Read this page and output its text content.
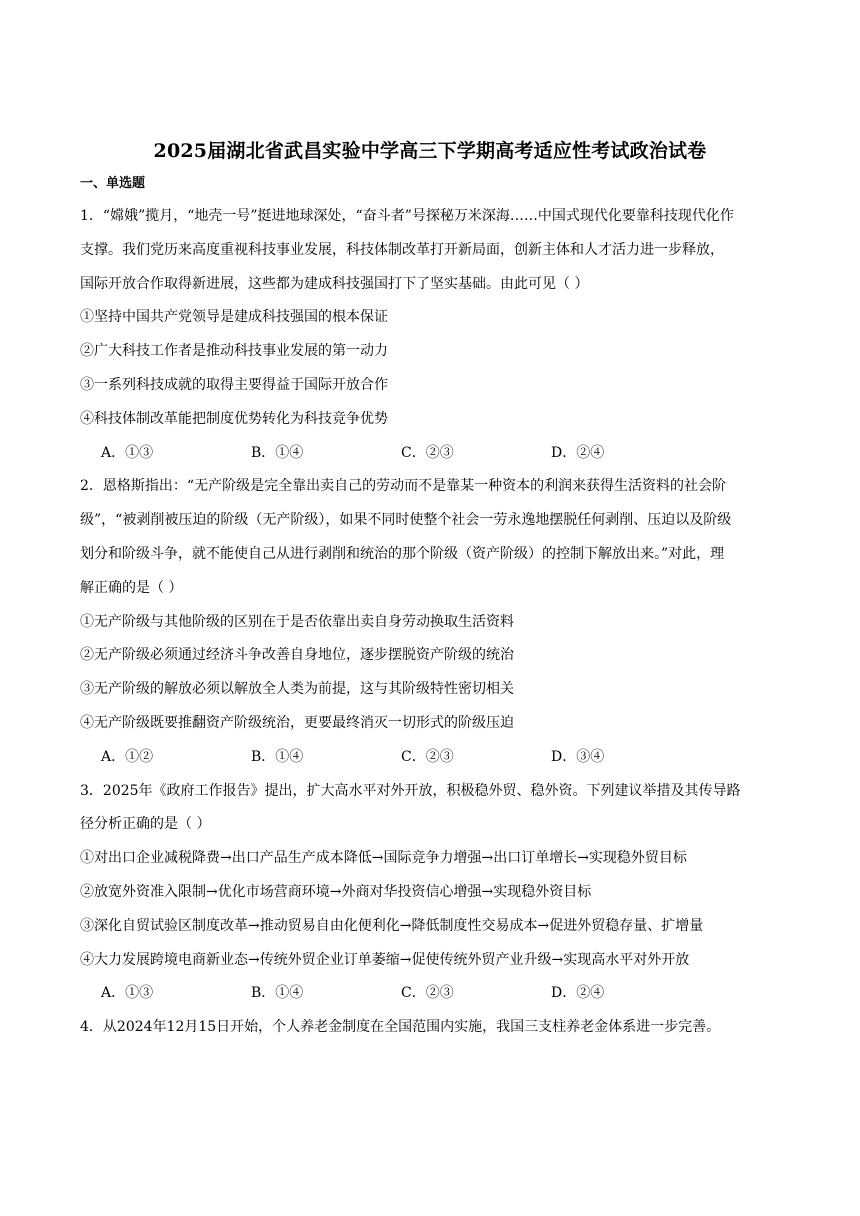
2025届湖北省武昌实验中学高三下学期高考适应性考试政治试卷
一、单选题
1．“嫦娥”揽月，“地壳一号”挺进地球深处，“奋斗者”号探秘万米深海……中国式现代化要靠科技现代化作
支撑。我们党历来高度重视科技事业发展，科技体制改革打开新局面，创新主体和人才活力进一步释放，
国际开放合作取得新进展，这些都为建成科技强国打下了坚实基础。由此可见（ ）
①坚持中国共产党领导是建成科技强国的根本保证
②广大科技工作者是推动科技事业发展的第一动力
③一系列科技成就的取得主要得益于国际开放合作
④科技体制改革能把制度优势转化为科技竞争优势
A．①③	B．①④	C．②③	D．②④
2．恩格斯指出：“无产阶级是完全靠出卖自己的劳动而不是靠某一种资本的利润来获得生活资料的社会阶
级”，“被剥削被压迫的阶级（无产阶级），如果不同时使整个社会一劳永逸地摆脱任何剥削、压迫以及阶级
划分和阶级斗争，就不能使自己从进行剥削和统治的那个阶级（资产阶级）的控制下解放出来。”对此，理
解正确的是（ ）
①无产阶级与其他阶级的区别在于是否依靠出卖自身劳动换取生活资料
②无产阶级必须通过经济斗争改善自身地位，逐步摆脱资产阶级的统治
③无产阶级的解放必须以解放全人类为前提，这与其阶级特性密切相关
④无产阶级既要推翻资产阶级统治，更要最终消灭一切形式的阶级压迫
A．①②	B．①④	C．②③	D．③④
3．2025年《政府工作报告》提出，扩大高水平对外开放，积极稳外贸、稳外资。下列建议举措及其传导路
径分析正确的是（ ）
①对出口企业减税降费→出口产品生产成本降低→国际竞争力增强→出口订单增长→实现稳外贸目标
②放宽外资准入限制→优化市场营商环境→外商对华投资信心增强→实现稳外资目标
③深化自贸试验区制度改革→推动贸易自由化便利化→降低制度性交易成本→促进外贸稳存量、扩增量
④大力发展跨境电商新业态→传统外贸企业订单萎缩→促使传统外贸产业升级→实现高水平对外开放
A．①③	B．①④	C．②③	D．②④
4．从2024年12月15日开始，个人养老金制度在全国范围内实施，我国三支柱养老金体系进一步完善。
